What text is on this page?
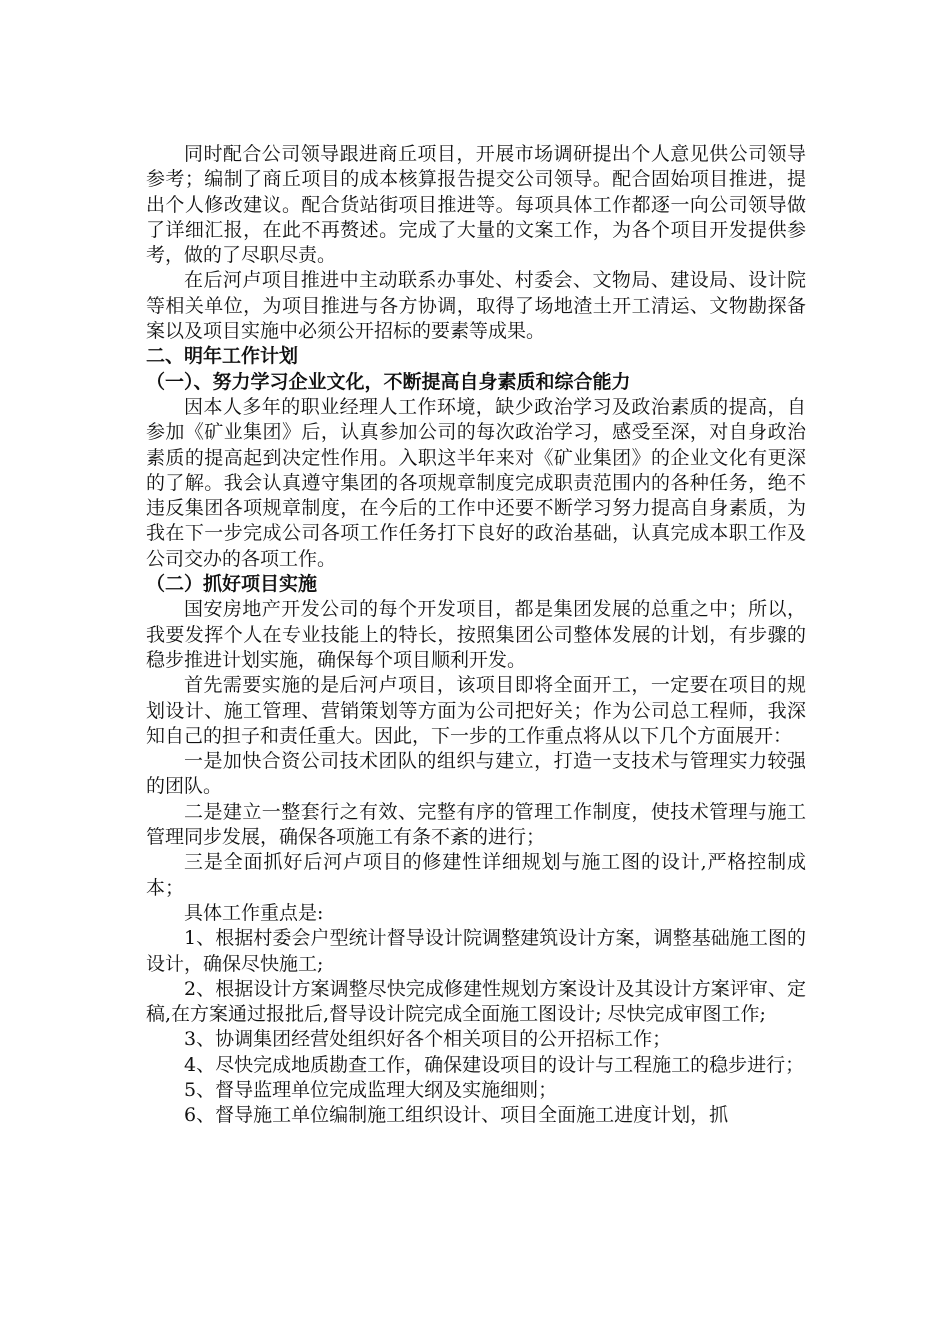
同时配合公司领导跟进商丘项目，开展市场调研提出个人意见供公司领导参考；编制了商丘项目的成本核算报告提交公司领导。配合固始项目推进，提出个人修改建议。配合货站街项目推进等。每项具体工作都逐一向公司领导做了详细汇报，在此不再赘述。完成了大量的文案工作，为各个项目开发提供参考，做的了尽职尽责。

在后河卢项目推进中主动联系办事处、村委会、文物局、建设局、设计院等相关单位，为项目推进与各方协调，取得了场地渣土开工清运、文物勘探备案以及项目实施中必须公开招标的要素等成果。

二、明年工作计划

（一）、努力学习企业文化，不断提高自身素质和综合能力

因本人多年的职业经理人工作环境，缺少政治学习及政治素质的提高，自参加《矿业集团》后，认真参加公司的每次政治学习，感受至深，对自身政治素质的提高起到决定性作用。入职这半年来对《矿业集团》的企业文化有更深的了解。我会认真遵守集团的各项规章制度完成职责范围内的各种任务，绝不违反集团各项规章制度，在今后的工作中还要不断学习努力提高自身素质，为我在下一步完成公司各项工作任务打下良好的政治基础，认真完成本职工作及公司交办的各项工作。

（二）抓好项目实施

国安房地产开发公司的每个开发项目，都是集团发展的总重之中；所以，我要发挥个人在专业技能上的特长，按照集团公司整体发展的计划，有步骤的稳步推进计划实施，确保每个项目顺利开发。

首先需要实施的是后河卢项目，该项目即将全面开工，一定要在项目的规划设计、施工管理、营销策划等方面为公司把好关；作为公司总工程师，我深知自己的担子和责任重大。因此，下一步的工作重点将从以下几个方面展开：

一是加快合资公司技术团队的组织与建立，打造一支技术与管理实力较强的团队。

二是建立一整套行之有效、完整有序的管理工作制度，使技术管理与施工管理同步发展，确保各项施工有条不紊的进行；

三是全面抓好后河卢项目的修建性详细规划与施工图的设计,严格控制成本；

具体工作重点是:

1、根据村委会户型统计督导设计院调整建筑设计方案，调整基础施工图的设计，确保尽快施工;

2、根据设计方案调整尽快完成修建性规划方案设计及其设计方案评审、定稿,在方案通过报批后,督导设计院完成全面施工图设计; 尽快完成审图工作;

3、协调集团经营处组织好各个相关项目的公开招标工作；

4、尽快完成地质勘查工作，确保建设项目的设计与工程施工的稳步进行；

5、督导监理单位完成监理大纲及实施细则；

6、督导施工单位编制施工组织设计、项目全面施工进度计划，抓
